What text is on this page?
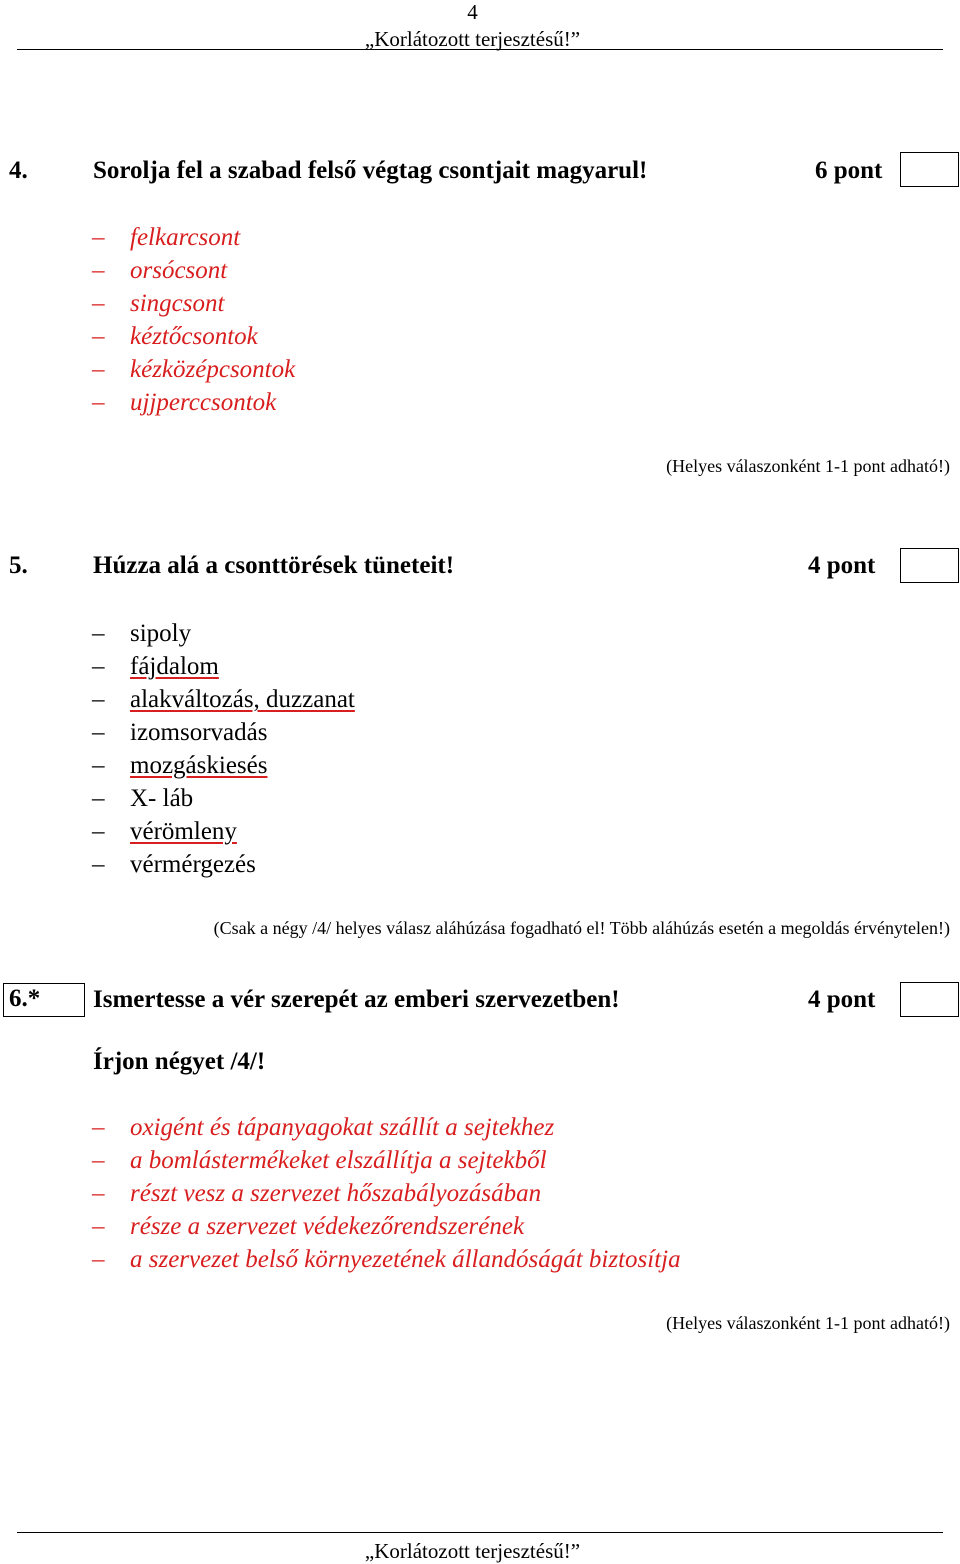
4
„Korlátozott terjesztésű!”
4.	Sorolja fel a szabad felső végtag csontjait magyarul!	6 pont
– felkarcsont
– orsócsont
– singcsont
– kéztőcsontok
– kézközépcsontok
– ujjperccsontok
(Helyes válaszonként 1-1 pont adható!)
5.	Húzza alá a csonttörések tüneteit!	4 pont
– sipoly
– fájdalom
– alakváltozás, duzzanat
– izomsorvadás
– mozgáskiesés
– X- láb
– vérömleny
– vérmérgezés
(Csak a négy /4/ helyes válasz aláhúzása fogadható el! Több aláhúzás esetén a megoldás érvénytelen!)
6.*	Ismertesse a vér szerepét az emberi szervezetben!	4 pont
Írjon négyet /4/!
– oxigént és tápanyagokat szállít a sejtekhez
– a bomlástermékeket elszállítja a sejtekből
– részt vesz a szervezet hőszabályozásában
– része a szervezet védekezőrendszerének
– a szervezet belső környezetének állandóságát biztosítja
(Helyes válaszonként 1-1 pont adható!)
„Korlátozott terjesztésű!”
